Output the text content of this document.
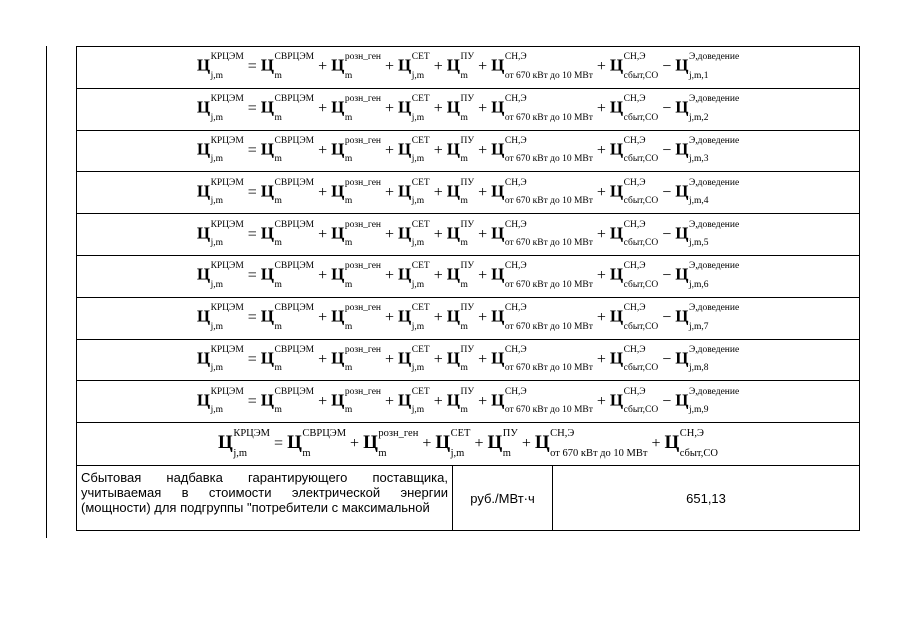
Ц КРЦЭМ
j,m
= Ц СВРЦЭМ
m
+ Ц розн_ген
m
+ Ц СЕТ
j,m
+ Ц ПУ
m
+ Ц СН,Э
от 670 кВт до 10 МВт
+ Ц СН,Э
сбыт,СО
− Ц Э,доведение
j,m,1

Ц КРЦЭМ
j,m
= Ц СВРЦЭМ
m
+ Ц розн_ген
m
+ Ц СЕТ
j,m
+ Ц ПУ
m
+ Ц СН,Э
от 670 кВт до 10 МВт
+ Ц СН,Э
сбыт,СО
− Ц Э,доведение
j,m,2

Ц КРЦЭМ
j,m
= Ц СВРЦЭМ
m
+ Ц розн_ген
m
+ Ц СЕТ
j,m
+ Ц ПУ
m
+ Ц СН,Э
от 670 кВт до 10 МВт
+ Ц СН,Э
сбыт,СО
− Ц Э,доведение
j,m,3

Ц КРЦЭМ
j,m
= Ц СВРЦЭМ
m
+ Ц розн_ген
m
+ Ц СЕТ
j,m
+ Ц ПУ
m
+ Ц СН,Э
от 670 кВт до 10 МВт
+ Ц СН,Э
сбыт,СО
− Ц Э,доведение
j,m,4

Ц КРЦЭМ
j,m
= Ц СВРЦЭМ
m
+ Ц розн_ген
m
+ Ц СЕТ
j,m
+ Ц ПУ
m
+ Ц СН,Э
от 670 кВт до 10 МВт
+ Ц СН,Э
сбыт,СО
− Ц Э,доведение
j,m,5

Ц КРЦЭМ
j,m
= Ц СВРЦЭМ
m
+ Ц розн_ген
m
+ Ц СЕТ
j,m
+ Ц ПУ
m
+ Ц СН,Э
от 670 кВт до 10 МВт
+ Ц СН,Э
сбыт,СО
− Ц Э,доведение
j,m,6

Ц КРЦЭМ
j,m
= Ц СВРЦЭМ
m
+ Ц розн_ген
m
+ Ц СЕТ
j,m
+ Ц ПУ
m
+ Ц СН,Э
от 670 кВт до 10 МВт
+ Ц СН,Э
сбыт,СО
− Ц Э,доведение
j,m,7

Ц КРЦЭМ
j,m
= Ц СВРЦЭМ
m
+ Ц розн_ген
m
+ Ц СЕТ
j,m
+ Ц ПУ
m
+ Ц СН,Э
от 670 кВт до 10 МВт
+ Ц СН,Э
сбыт,СО
− Ц Э,доведение
j,m,8

Ц КРЦЭМ
j,m
= Ц СВРЦЭМ
m
+ Ц розн_ген
m
+ Ц СЕТ
j,m
+ Ц ПУ
m
+ Ц СН,Э
от 670 кВт до 10 МВт
+ Ц СН,Э
сбыт,СО
− Ц Э,доведение
j,m,9

Ц КРЦЭМ
j,m
= Ц СВРЦЭМ
m
+ Ц розн_ген
m
+ Ц СЕТ
j,m
+ Ц ПУ
m
+ Ц СН,Э
от 670 кВт до 10 МВт
+ Ц СН,Э
сбыт,СО

Сбытовая надбавка гарантирующего поставщика, учитываемая в стоимости электрической энергии (мощности) для подгруппы "потребители с максимальной	руб./МВт·ч	651,13
